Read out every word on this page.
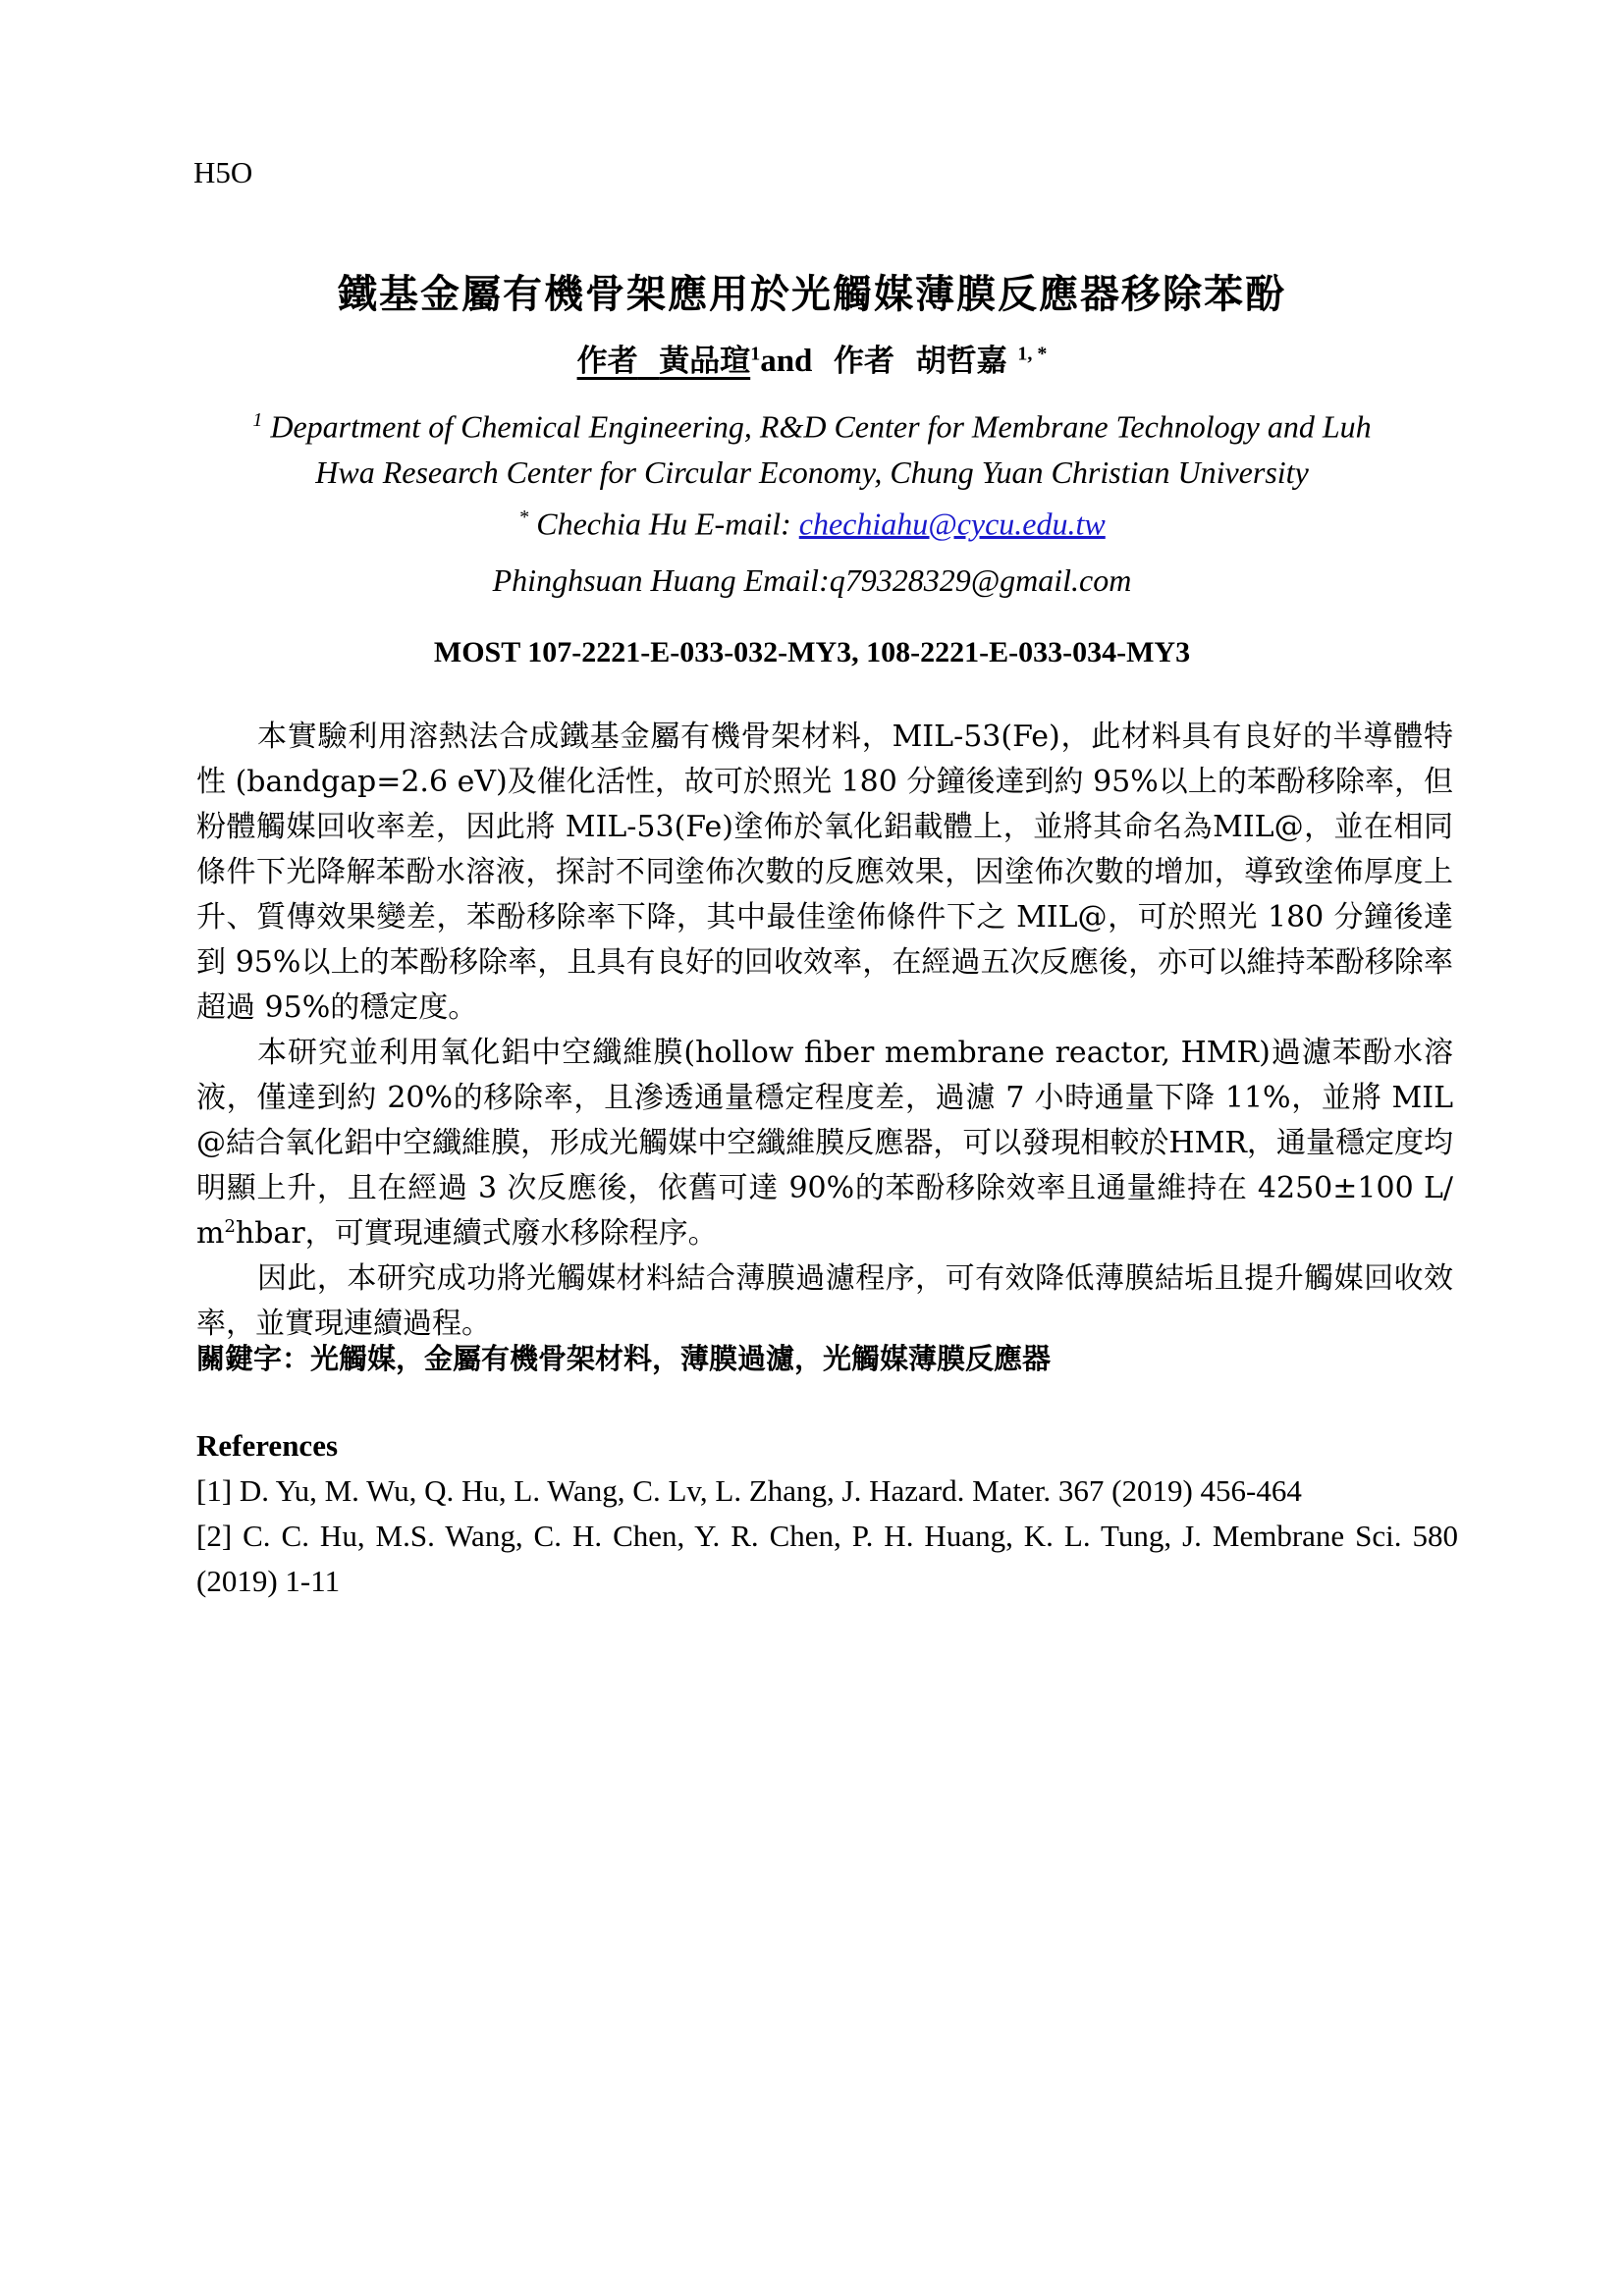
H5O
鐵基金屬有機骨架應用於光觸媒薄膜反應器移除苯酚
作者 黃品瑄$^1$and 作者 胡哲嘉 $^{1, *}$
$^1$ Department of Chemical Engineering, R&D Center for Membrane Technology and Luh
Hwa Research Center for Circular Economy, Chung Yuan Christian University
* Chechia Hu E-mail: chechiahu@cycu.edu.tw
Phinghsuan Huang Email:q79328329@gmail.com
MOST 107-2221-E-033-032-MY3, 108-2221-E-033-034-MY3

本實驗利用溶熱法合成鐵基金屬有機骨架材料，MIL-53(Fe)，此材料具有良好的半導體特性 (bandgap=2.6 eV)及催化活性，故可於照光 180 分鐘後達到約 95%以上的苯酚移除率，但粉體觸媒回收率差，因此將 MIL-53(Fe)塗佈於氧化鋁載體上，並將其命名為MIL@，並在相同條件下光降解苯酚水溶液，探討不同塗佈次數的反應效果，因塗佈次數的增加，導致塗佈厚度上升、質傳效果變差，苯酚移除率下降，其中最佳塗佈條件下之 MIL@，可於照光 180 分鐘後達到 95%以上的苯酚移除率，且具有良好的回收效率，在經過五次反應後，亦可以維持苯酚移除率超過 95%的穩定度。

本研究並利用氧化鋁中空纖維膜(hollow fiber membrane reactor, HMR)過濾苯酚水溶液，僅達到約 20%的移除率，且滲透通量穩定程度差，過濾 7 小時通量下降 11%，並將 MIL@結合氧化鋁中空纖維膜，形成光觸媒中空纖維膜反應器，可以發現相較於HMR，通量穩定度均明顯上升，且在經過 3 次反應後，依舊可達 90%的苯酚移除效率且通量維持在 4250±100 $L/m^2hbar$，可實現連續式廢水移除程序。

因此，本研究成功將光觸媒材料結合薄膜過濾程序，可有效降低薄膜結垢且提升觸媒回收效率，並實現連續過程。

關鍵字：光觸媒，金屬有機骨架材料，薄膜過濾，光觸媒薄膜反應器
References
[1] D. Yu, M. Wu, Q. Hu, L. Wang, C. Lv, L. Zhang, J. Hazard. Mater. 367 (2019) 456-464
[2] C. C. Hu, M.S. Wang, C. H. Chen, Y. R. Chen, P. H. Huang, K. L. Tung, J. Membrane Sci. 580 (2019) 1-11
